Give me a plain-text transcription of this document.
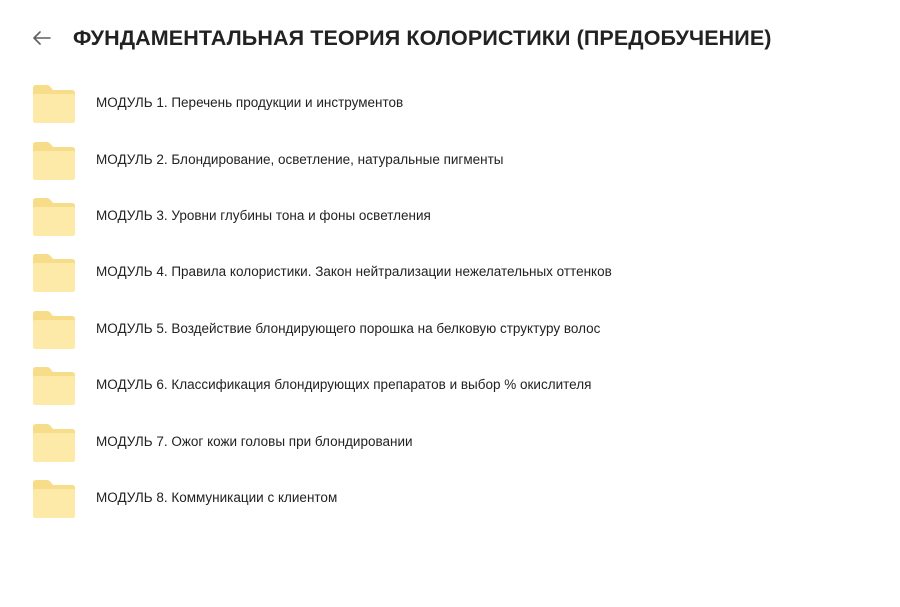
ФУНДАМЕНТАЛЬНАЯ ТЕОРИЯ КОЛОРИСТИКИ (ПРЕДОБУЧЕНИЕ)
МОДУЛЬ 1. Перечень продукции и инструментов
МОДУЛЬ 2. Блондирование, осветление, натуральные пигменты
МОДУЛЬ 3. Уровни глубины тона и фоны осветления
МОДУЛЬ 4. Правила колористики. Закон нейтрализации нежелательных оттенков
МОДУЛЬ 5. Воздействие блондирующего порошка на белковую структуру волос
МОДУЛЬ 6. Классификация блондирующих препаратов и выбор % окислителя
МОДУЛЬ 7. Ожог кожи головы при блондировании
МОДУЛЬ 8. Коммуникации с клиентом
